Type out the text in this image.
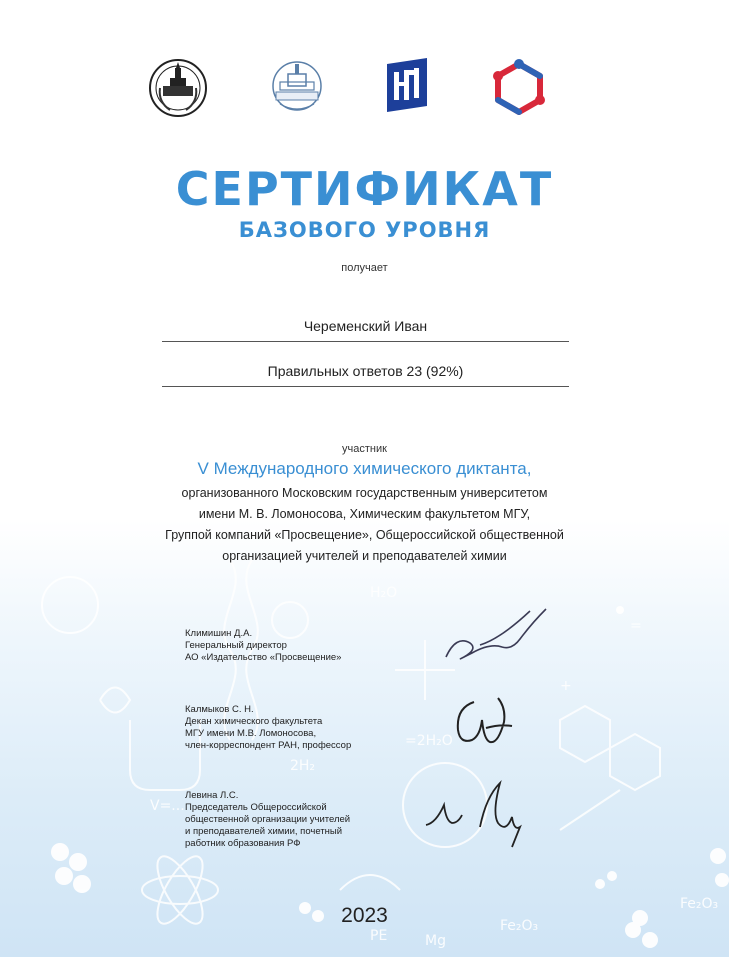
H₂O
=2H₂O
2H₂
V=...
Fe₂O₃
PE	Mg
=
+
Fe₂O₃
СЕРТИФИКАТ
БАЗОВОГО УРОВНЯ
получает
Черемeнский Иван
Правильных ответов 23 (92%)
участник
V Международного химического диктанта,
организованного Московским государственным университетом
имени М. В. Ломоносова, Химическим факультетом МГУ,
Группой компаний «Просвещение», Общероссийской общественной
организацией учителей и преподавателей химии
Климишин Д.А.
Генеральный директор
АО «Издательство «Просвещение»
Калмыков С. Н.
Декан химического факультета
МГУ имени М.В. Ломоносова,
член-корреспондент РАН, профессор
Левина Л.С.
Председатель Общероссийской
общественной организации учителей
и преподавателей химии, почетный
работник образования РФ
2023
